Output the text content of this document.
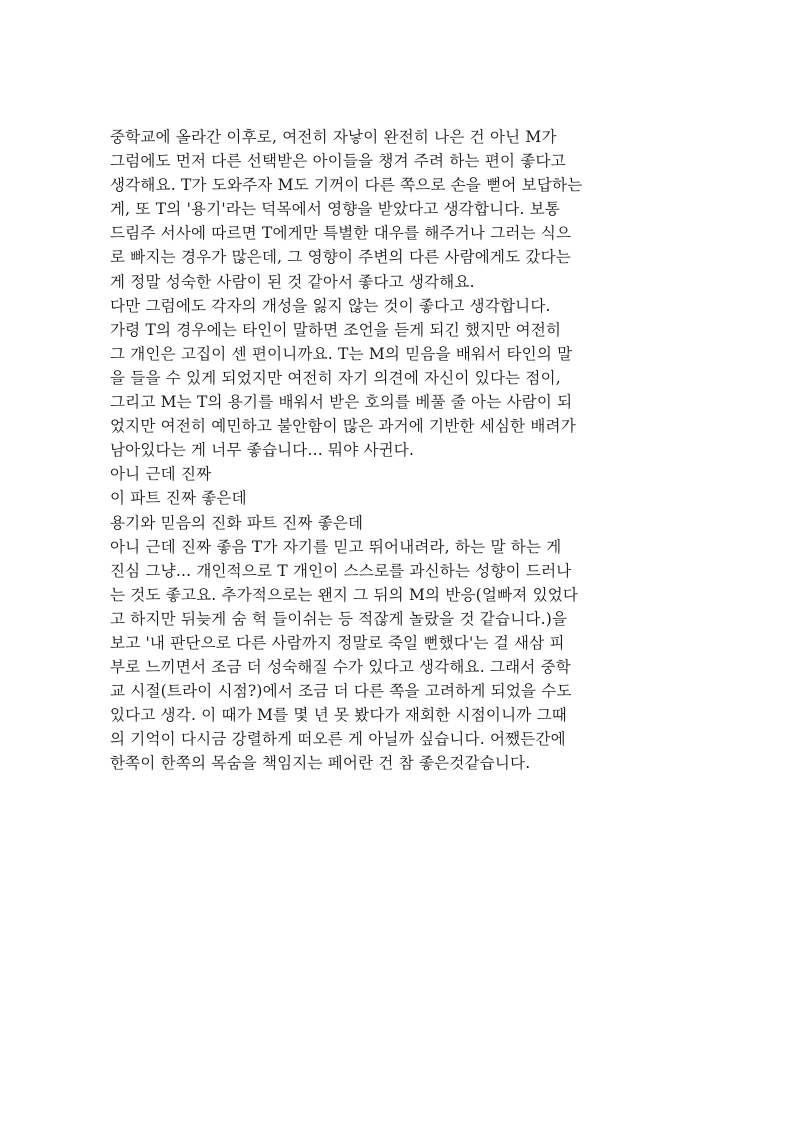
중학교에 올라간 이후로, 여전히 자낳이 완전히 나은 건 아닌 M가
그럼에도 먼저 다른 선택받은 아이들을 챙겨 주려 하는 편이 좋다고
생각해요. T가 도와주자 M도 기꺼이 다른 쪽으로 손을 뻗어 보답하는
게, 또 T의 '용기'라는 덕목에서 영향을 받았다고 생각합니다. 보통
드림주 서사에 따르면 T에게만 특별한 대우를 해주거나 그러는 식으
로 빠지는 경우가 많은데, 그 영향이 주변의 다른 사람에게도 갔다는
게 정말 성숙한 사람이 된 것 같아서 좋다고 생각해요.
다만 그럼에도 각자의 개성을 잃지 않는 것이 좋다고 생각합니다.
가령 T의 경우에는 타인이 말하면 조언을 듣게 되긴 했지만 여전히
그 개인은 고집이 센 편이니까요. T는 M의 믿음을 배워서 타인의 말
을 들을 수 있게 되었지만 여전히 자기 의견에 자신이 있다는 점이,
그리고 M는 T의 용기를 배워서 받은 호의를 베풀 줄 아는 사람이 되
었지만 여전히 예민하고 불안함이 많은 과거에 기반한 세심한 배려가
남아있다는 게 너무 좋습니다... 뭐야 사귄다.
아니 근데 진짜
이 파트 진짜 좋은데
용기와 믿음의 진화 파트 진짜 좋은데
아니 근데 진짜 좋음 T가 자기를 믿고 뛰어내려라, 하는 말 하는 게
진심 그냥... 개인적으로 T 개인이 스스로를 과신하는 성향이 드러나
는 것도 좋고요. 추가적으로는 왠지 그 뒤의 M의 반응(얼빠져 있었다
고 하지만 뒤늦게 숨 헉 들이쉬는 등 적잖게 놀랐을 것 같습니다.)을
보고 '내 판단으로 다른 사람까지 정말로 죽일 뻔했다'는 걸 새삼 피
부로 느끼면서 조금 더 성숙해질 수가 있다고 생각해요. 그래서 중학
교 시절(트라이 시점?)에서 조금 더 다른 쪽을 고려하게 되었을 수도
있다고 생각. 이 때가 M를 몇 년 못 봤다가 재회한 시점이니까 그때
의 기억이 다시금 강렬하게 떠오른 게 아닐까 싶습니다. 어쨌든간에
한쪽이 한쪽의 목숨을 책임지는 페어란 건 참 좋은것같습니다.
